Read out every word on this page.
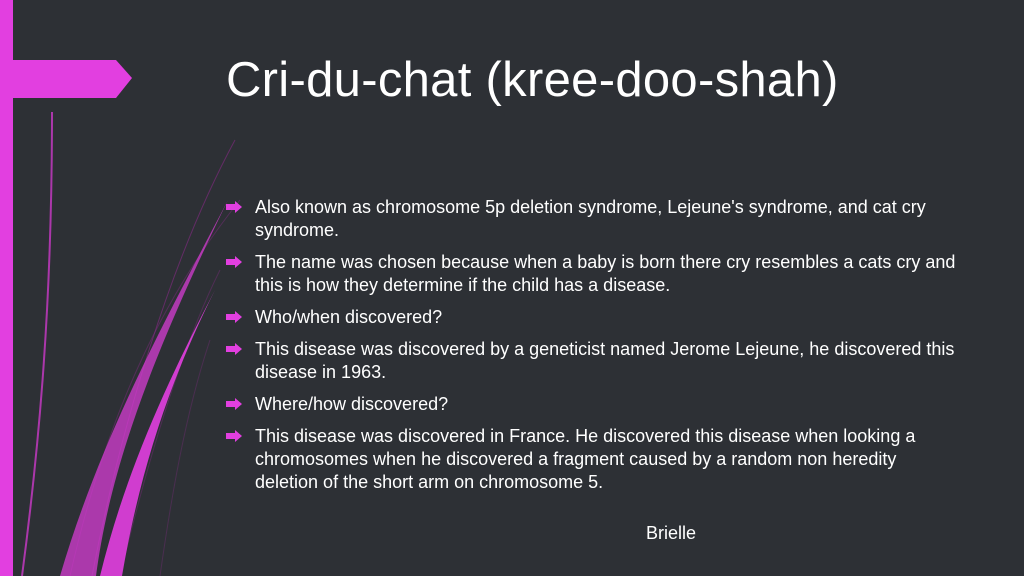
Cri-du-chat (kree-doo-shah)
Also known as chromosome 5p deletion syndrome, Lejeune's syndrome, and cat cry syndrome.
The name was chosen because when a baby is born there cry resembles a cats cry and this is how they determine if the child has a disease.
Who/when discovered?
This disease was discovered by a geneticist named Jerome Lejeune, he discovered this disease in 1963.
Where/how discovered?
This disease was discovered in France. He discovered this disease when looking a chromosomes when he discovered a fragment caused by a random non heredity deletion of the short arm on chromosome 5.
Brielle
